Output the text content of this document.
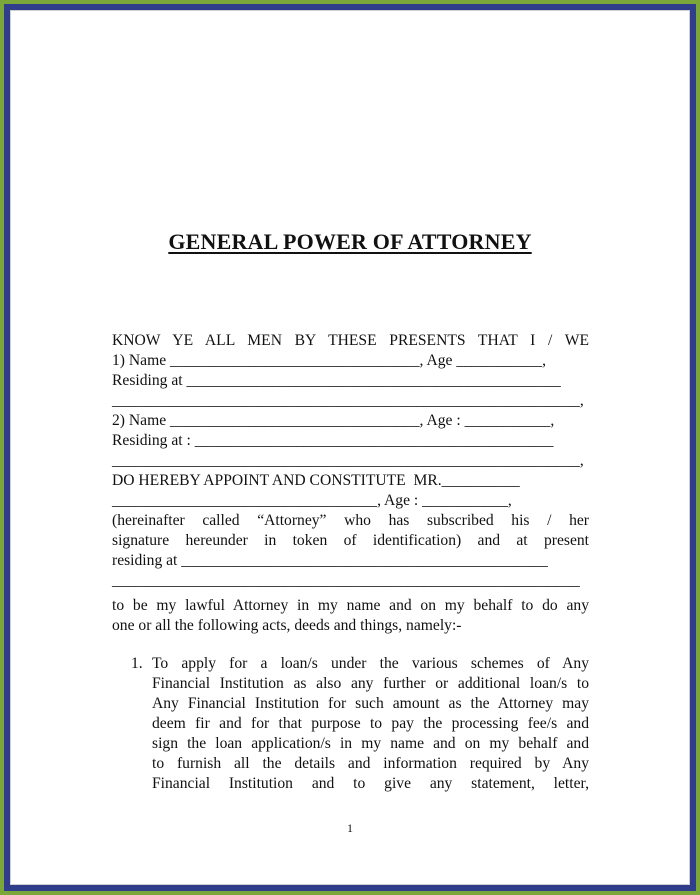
GENERAL POWER OF ATTORNEY
KNOW YE ALL MEN BY THESE PRESENTS THAT I / WE
1) Name ________________________________, Age ___________,
Residing at ________________________________________________
____________________________________________________________,
2) Name ________________________________, Age : ___________,
Residing at : ______________________________________________
____________________________________________________________,
DO HEREBY APPOINT AND CONSTITUTE  MR.__________
__________________________________, Age : ___________,
(hereinafter called “Attorney” who has subscribed his / her
signature hereunder in token of identification) and at present
residing at _______________________________________________
____________________________________________________________
to be my lawful Attorney in my name and on my behalf to do any
one or all the following acts, deeds and things, namely:-
1. To apply for a loan/s under the various schemes of Any
Financial Institution as also any further or additional loan/s to
Any Financial Institution for such amount as the Attorney may
deem fir and for that purpose to pay the processing fee/s and
sign the loan application/s in my name and on my behalf and
to furnish all the details and information required by Any
Financial Institution and to give any statement, letter,
1
